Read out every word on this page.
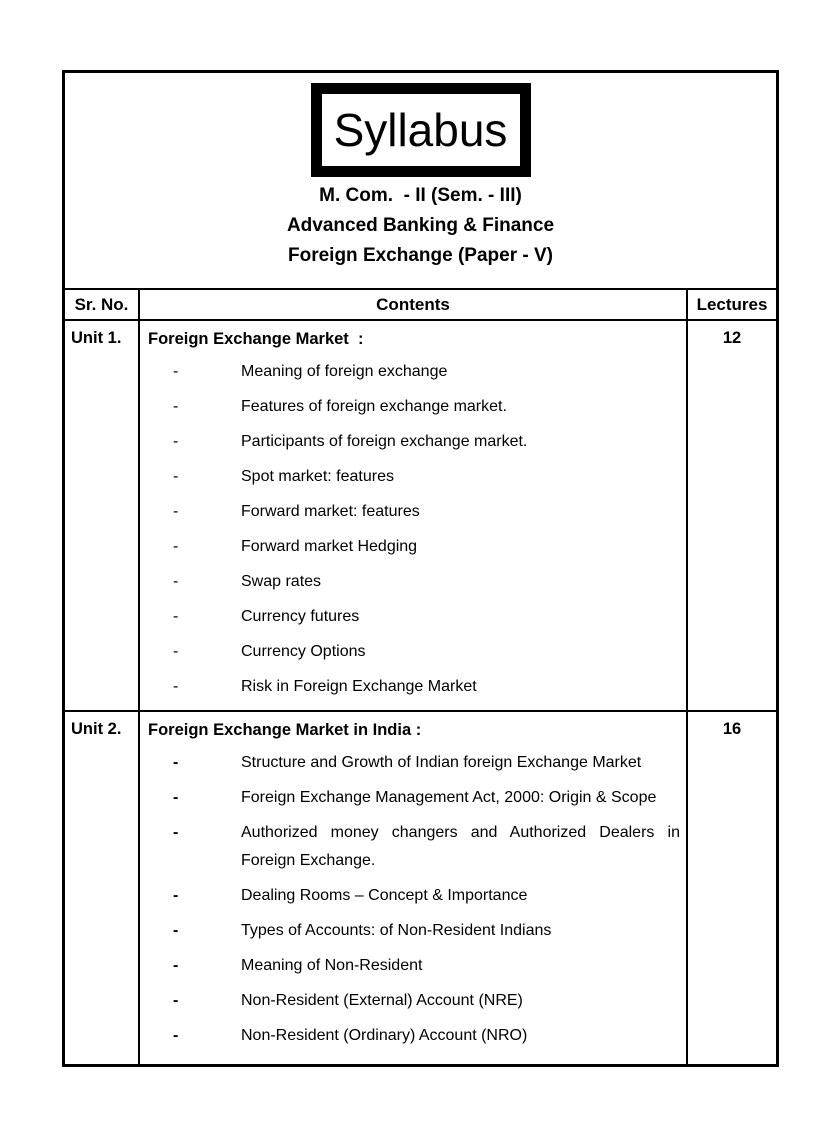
Syllabus
M. Com.  - II (Sem. - III)
Advanced Banking & Finance
Foreign Exchange (Paper - V)
Sr. No.	Contents	Lectures
Unit 1.	Foreign Exchange Market  :
-	Meaning of foreign exchange
-	Features of foreign exchange market.
-	Participants of foreign exchange market.
-	Spot market: features
-	Forward market: features
-	Forward market Hedging
-	Swap rates
-	Currency futures
-	Currency Options
-	Risk in Foreign Exchange Market
12
Unit 2.	Foreign Exchange Market in India :
-	Structure and Growth of Indian foreign Exchange Market
-	Foreign Exchange Management Act, 2000: Origin & Scope
-	Authorized money changers and Authorized Dealers in Foreign Exchange.
-	Dealing Rooms – Concept & Importance
-	Types of Accounts: of Non-Resident Indians
-	Meaning of Non-Resident
-	Non-Resident (External) Account (NRE)
-	Non-Resident (Ordinary) Account (NRO)
16
